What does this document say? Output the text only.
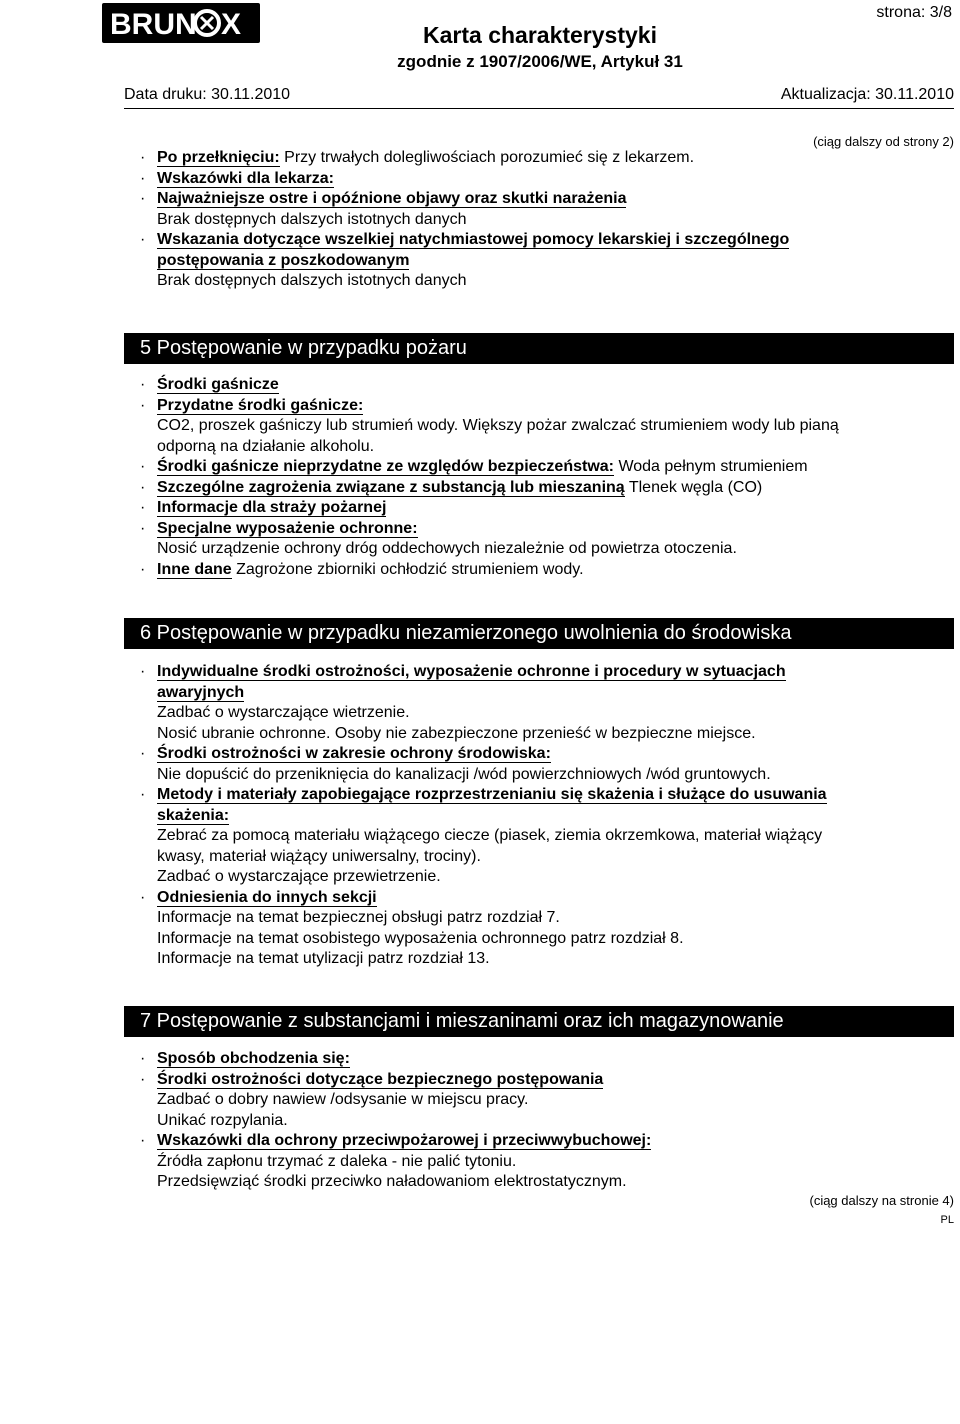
BRUN X	strona: 3/8
Karta charakterystyki
zgodnie z 1907/2006/WE, Artykuł 31
Data druku: 30.11.2010	Aktualizacja: 30.11.2010
(ciąg dalszy od strony 2)
· Po przełknięciu: Przy trwałych dolegliwościach porozumieć się z lekarzem.
· Wskazówki dla lekarza:
· Najważniejsze ostre i opóźnione objawy oraz skutki narażenia
Brak dostępnych dalszych istotnych danych
· Wskazania dotyczące wszelkiej natychmiastowej pomocy lekarskiej i szczególnego
postępowania z poszkodowanym
Brak dostępnych dalszych istotnych danych
5 Postępowanie w przypadku pożaru
· Środki gaśnicze
· Przydatne środki gaśnicze:
CO2, proszek gaśniczy lub strumień wody. Większy pożar zwalczać strumieniem wody lub pianą
odporną na działanie alkoholu.
· Środki gaśnicze nieprzydatne ze względów bezpieczeństwa: Woda pełnym strumieniem
· Szczególne zagrożenia związane z substancją lub mieszaniną Tlenek węgla (CO)
· Informacje dla straży pożarnej
· Specjalne wyposażenie ochronne:
Nosić urządzenie ochrony dróg oddechowych niezależnie od powietrza otoczenia.
· Inne dane Zagrożone zbiorniki ochłodzić strumieniem wody.
6 Postępowanie w przypadku niezamierzonego uwolnienia do środowiska
· Indywidualne środki ostrożności, wyposażenie ochronne i procedury w sytuacjach
awaryjnych
Zadbać o wystarczające wietrzenie.
Nosić ubranie ochronne. Osoby nie zabezpieczone przenieść w bezpieczne miejsce.
· Środki ostrożności w zakresie ochrony środowiska:
Nie dopuścić do przeniknięcia do kanalizacji /wód powierzchniowych /wód gruntowych.
· Metody i materiały zapobiegające rozprzestrzenianiu się skażenia i służące do usuwania
skażenia:
Zebrać za pomocą materiału wiążącego ciecze (piasek, ziemia okrzemkowa, materiał wiążący
kwasy, materiał wiążący uniwersalny, trociny).
Zadbać o wystarczające przewietrzenie.
· Odniesienia do innych sekcji
Informacje na temat bezpiecznej obsługi patrz rozdział 7.
Informacje na temat osobistego wyposażenia ochronnego patrz rozdział 8.
Informacje na temat utylizacji patrz rozdział 13.
7 Postępowanie z substancjami i mieszaninami oraz ich magazynowanie
· Sposób obchodzenia się:
· Środki ostrożności dotyczące bezpiecznego postępowania
Zadbać o dobry nawiew /odsysanie w miejscu pracy.
Unikać rozpylania.
· Wskazówki dla ochrony przeciwpożarowej i przeciwwybuchowej:
Źródła zapłonu trzymać z daleka - nie palić tytoniu.
Przedsięwziąć środki przeciwko naładowaniom elektrostatycznym.
(ciąg dalszy na stronie 4)
PL
